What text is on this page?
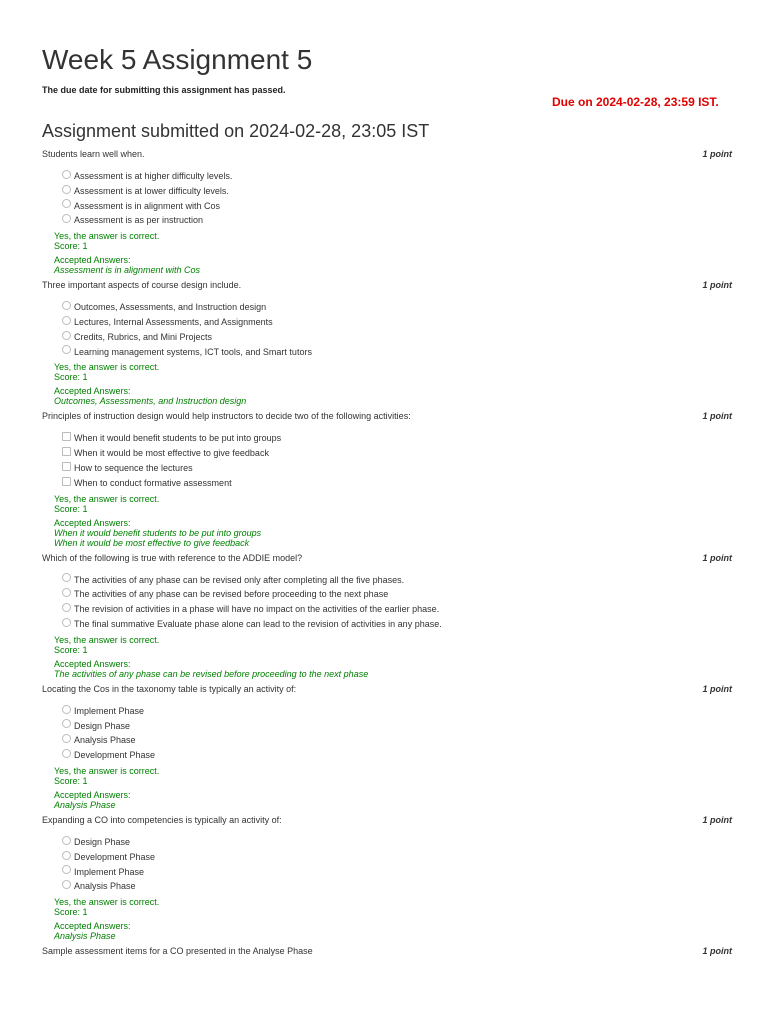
Week 5 Assignment 5
The due date for submitting this assignment has passed.
Due on 2024-02-28, 23:59 IST.
Assignment submitted on 2024-02-28, 23:05 IST
Students learn well when.	1 point
Assessment is at higher difficulty levels.
Assessment is at lower difficulty levels.
Assessment is in alignment with Cos
Assessment is as per instruction
Yes, the answer is correct.
Score: 1
Accepted Answers:
Assessment is in alignment with Cos
Three important aspects of course design include.	1 point
Outcomes, Assessments, and Instruction design
Lectures, Internal Assessments, and Assignments
Credits, Rubrics, and Mini Projects
Learning management systems, ICT tools, and Smart tutors
Yes, the answer is correct.
Score: 1
Accepted Answers:
Outcomes, Assessments, and Instruction design
Principles of instruction design would help instructors to decide two of the following activities:	1 point
When it would benefit students to be put into groups
When it would be most effective to give feedback
How to sequence the lectures
When to conduct formative assessment
Yes, the answer is correct.
Score: 1
Accepted Answers:
When it would benefit students to be put into groups
When it would be most effective to give feedback
Which of the following is true with reference to the ADDIE model?	1 point
The activities of any phase can be revised only after completing all the five phases.
The activities of any phase can be revised before proceeding to the next phase
The revision of activities in a phase will have no impact on the activities of the earlier phase.
The final summative Evaluate phase alone can lead to the revision of activities in any phase.
Yes, the answer is correct.
Score: 1
Accepted Answers:
The activities of any phase can be revised before proceeding to the next phase
Locating the Cos in the taxonomy table is typically an activity of:	1 point
Implement Phase
Design Phase
Analysis Phase
Development Phase
Yes, the answer is correct.
Score: 1
Accepted Answers:
Analysis Phase
Expanding a CO into competencies is typically an activity of:	1 point
Design Phase
Development Phase
Implement Phase
Analysis Phase
Yes, the answer is correct.
Score: 1
Accepted Answers:
Analysis Phase
Sample assessment items for a CO presented in the Analyse Phase	1 point
